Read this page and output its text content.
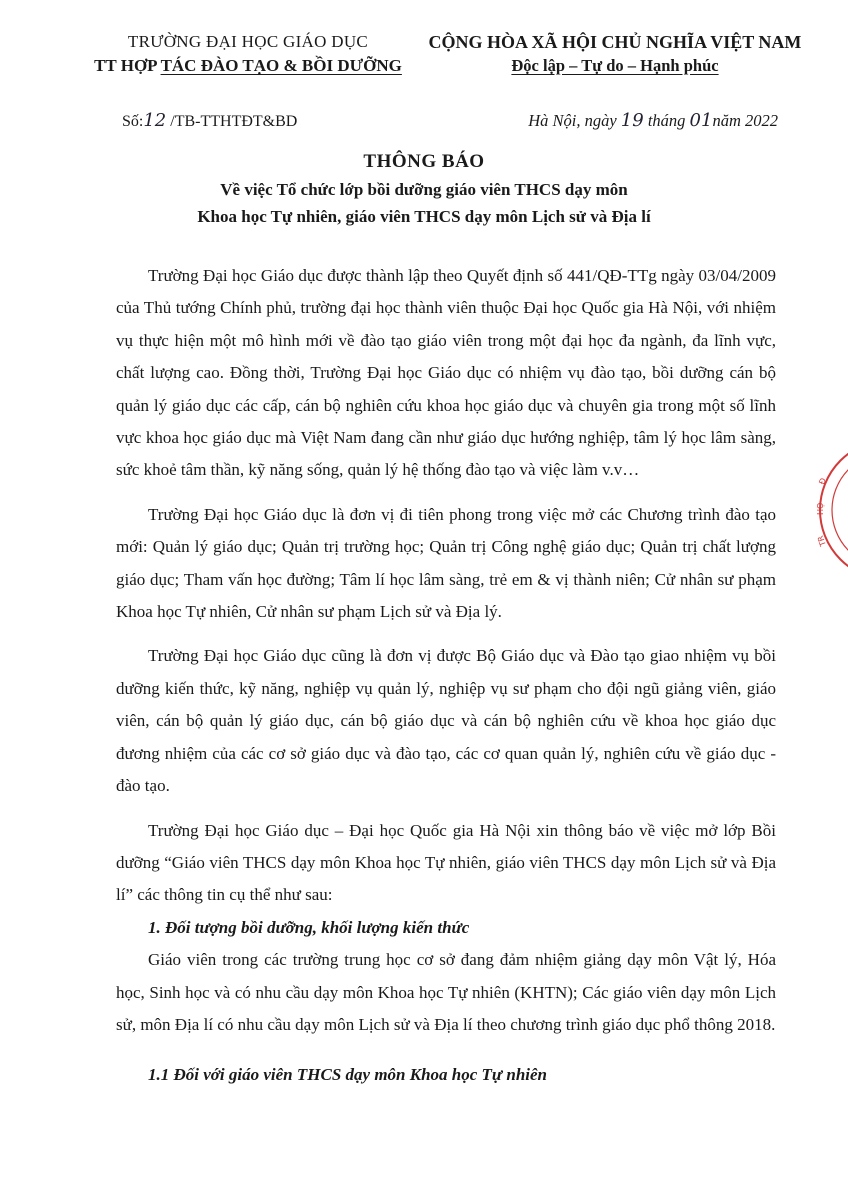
TRƯỜNG ĐẠI HỌC GIÁO DỤC
TT HỢP TÁC ĐÀO TẠO & BỒI DƯỠNG
CỘNG HÒA XÃ HỘI CHỦ NGHĨA VIỆT NAM
Độc lập – Tự do – Hạnh phúc
Số:12 /TB-TTHTĐT&BD	Hà Nội, ngày 19 tháng 01năm 2022
THÔNG BÁO
Về việc Tổ chức lớp bồi dưỡng giáo viên THCS dạy môn
Khoa học Tự nhiên, giáo viên THCS dạy môn Lịch sử và Địa lí

Trường Đại học Giáo dục được thành lập theo Quyết định số 441/QĐ-TTg ngày 03/04/2009 của Thủ tướng Chính phủ, trường đại học thành viên thuộc Đại học Quốc gia Hà Nội, với nhiệm vụ thực hiện một mô hình mới về đào tạo giáo viên trong một đại học đa ngành, đa lĩnh vực, chất lượng cao. Đồng thời, Trường Đại học Giáo dục có nhiệm vụ đào tạo, bồi dưỡng cán bộ quản lý giáo dục các cấp, cán bộ nghiên cứu khoa học giáo dục và chuyên gia trong một số lĩnh vực khoa học giáo dục mà Việt Nam đang cần như giáo dục hướng nghiệp, tâm lý học lâm sàng, sức khoẻ tâm thần, kỹ năng sống, quản lý hệ thống đào tạo và việc làm v.v…

Trường Đại học Giáo dục là đơn vị đi tiên phong trong việc mở các Chương trình đào tạo mới: Quản lý giáo dục; Quản trị trường học; Quản trị Công nghệ giáo dục; Quản trị chất lượng giáo dục; Tham vấn học đường; Tâm lí học lâm sàng, trẻ em & vị thành niên; Cử nhân sư phạm Khoa học Tự nhiên, Cử nhân sư phạm Lịch sử và Địa lý.

Trường Đại học Giáo dục cũng là đơn vị được Bộ Giáo dục và Đào tạo giao nhiệm vụ bồi dưỡng kiến thức, kỹ năng, nghiệp vụ quản lý, nghiệp vụ sư phạm cho đội ngũ giảng viên, giáo viên, cán bộ quản lý giáo dục, cán bộ giáo dục và cán bộ nghiên cứu về khoa học giáo dục đương nhiệm của các cơ sở giáo dục và đào tạo, các cơ quan quản lý, nghiên cứu về giáo dục - đào tạo.

Trường Đại học Giáo dục – Đại học Quốc gia Hà Nội xin thông báo về việc mở lớp Bồi dưỡng “Giáo viên THCS dạy môn Khoa học Tự nhiên, giáo viên THCS dạy môn Lịch sử và Địa lí” các thông tin cụ thể như sau:

1. Đối tượng bồi dưỡng, khối lượng kiến thức

Giáo viên trong các trường trung học cơ sở đang đảm nhiệm giảng dạy môn Vật lý, Hóa học, Sinh học và có nhu cầu dạy môn Khoa học Tự nhiên (KHTN); Các giáo viên dạy môn Lịch sử, môn Địa lí có nhu cầu dạy môn Lịch sử và Địa lí theo chương trình giáo dục phổ thông 2018.

1.1 Đối với giáo viên THCS dạy môn Khoa học Tự nhiên
Đ
HỌ
TR
